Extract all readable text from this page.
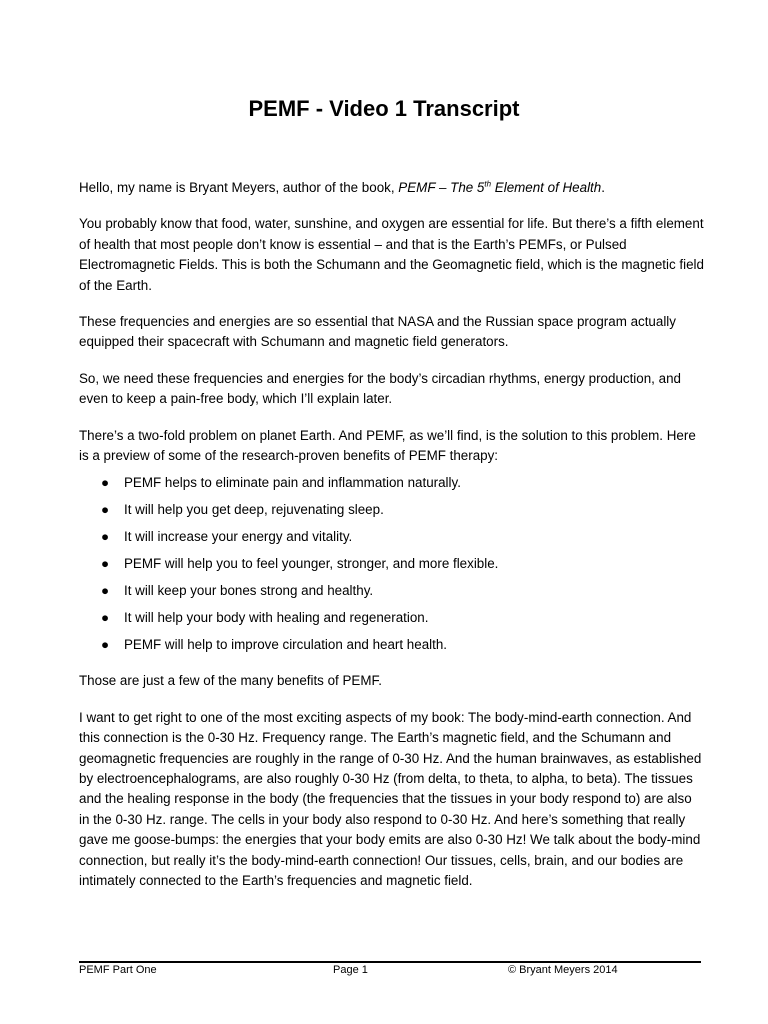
PEMF - Video 1 Transcript

Hello, my name is Bryant Meyers, author of the book, PEMF – The 5th Element of Health.

You probably know that food, water, sunshine, and oxygen are essential for life. But there’s a fifth element of health that most people don’t know is essential – and that is the Earth’s PEMFs, or Pulsed Electromagnetic Fields. This is both the Schumann and the Geomagnetic field, which is the magnetic field of the Earth.

These frequencies and energies are so essential that NASA and the Russian space program actually equipped their spacecraft with Schumann and magnetic field generators.

So, we need these frequencies and energies for the body’s circadian rhythms, energy production, and even to keep a pain-free body, which I’ll explain later.

There’s a two-fold problem on planet Earth. And PEMF, as we’ll find, is the solution to this problem. Here is a preview of some of the research-proven benefits of PEMF therapy:

● PEMF helps to eliminate pain and inflammation naturally.
● It will help you get deep, rejuvenating sleep.
● It will increase your energy and vitality.
● PEMF will help you to feel younger, stronger, and more flexible.
● It will keep your bones strong and healthy.
● It will help your body with healing and regeneration.
● PEMF will help to improve circulation and heart health.

Those are just a few of the many benefits of PEMF.

I want to get right to one of the most exciting aspects of my book: The body-mind-earth connection. And this connection is the 0-30 Hz. Frequency range. The Earth’s magnetic field, and the Schumann and geomagnetic frequencies are roughly in the range of 0-30 Hz. And the human brainwaves, as established by electroencephalograms, are also roughly 0-30 Hz (from delta, to theta, to alpha, to beta). The tissues and the healing response in the body (the frequencies that the tissues in your body respond to) are also in the 0-30 Hz. range. The cells in your body also respond to 0-30 Hz. And here’s something that really gave me goose-bumps: the energies that your body emits are also 0-30 Hz! We talk about the body-mind connection, but really it’s the body-mind-earth connection! Our tissues, cells, brain, and our bodies are intimately connected to the Earth’s frequencies and magnetic field.

PEMF Part One	Page 1	© Bryant Meyers 2014
